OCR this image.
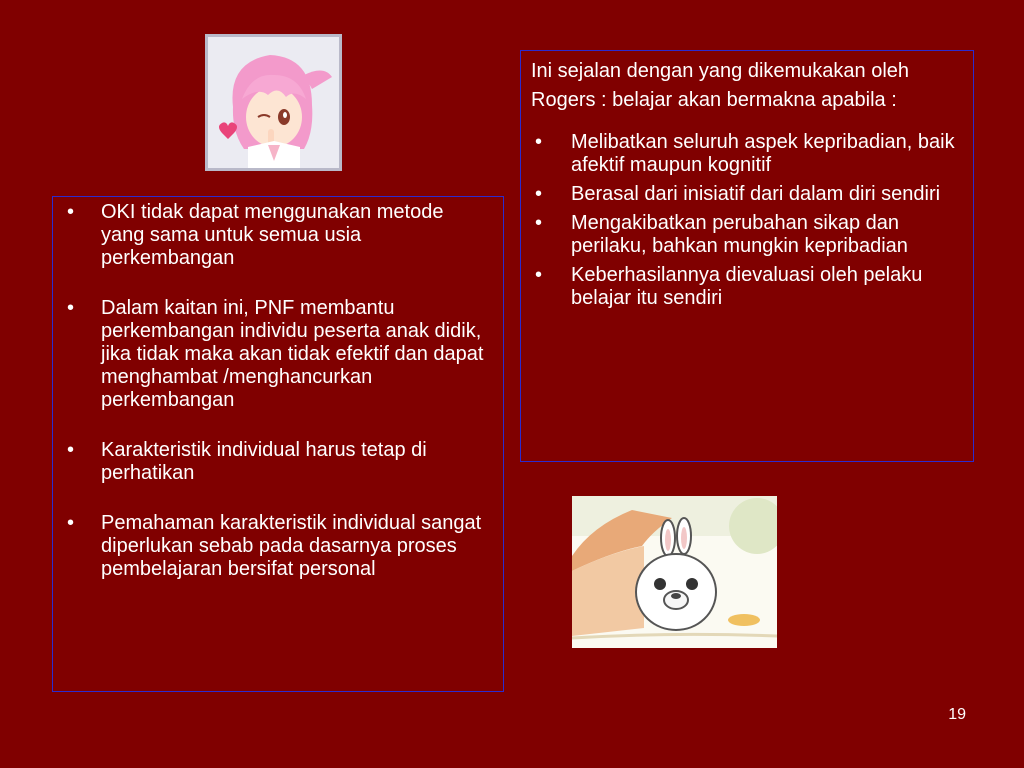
• OKI tidak dapat menggunakan metode yang sama untuk semua usia perkembangan
• Dalam kaitan ini, PNF membantu perkembangan individu peserta anak didik, jika tidak maka akan tidak efektif dan dapat menghambat /menghancurkan perkembangan
• Karakteristik individual harus tetap di perhatikan
• Pemahaman karakteristik individual sangat diperlukan sebab pada dasarnya proses pembelajaran bersifat personal

Ini sejalan dengan yang dikemukakan oleh Rogers : belajar akan bermakna apabila :

• Melibatkan seluruh aspek kepribadian, baik afektif maupun kognitif
• Berasal dari inisiatif dari dalam diri sendiri
• Mengakibatkan perubahan sikap dan perilaku, bahkan mungkin kepribadian
• Keberhasilannya dievaluasi oleh pelaku belajar itu sendiri
19
